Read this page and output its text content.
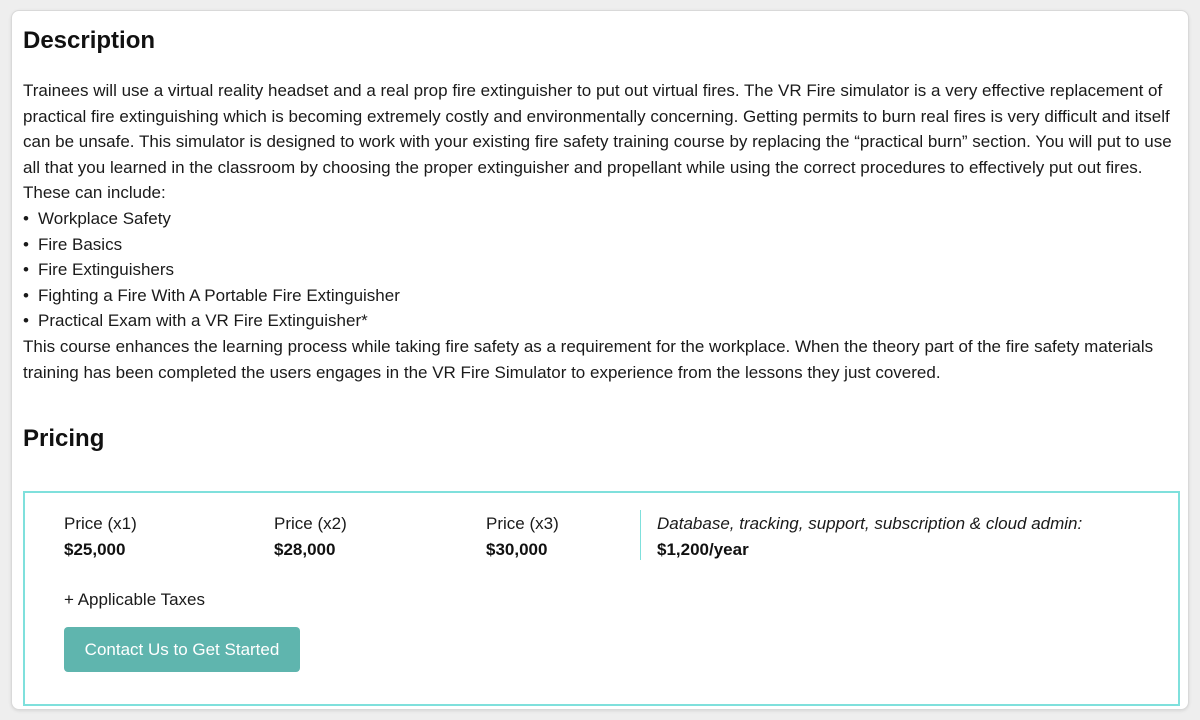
Description

Trainees will use a virtual reality headset and a real prop fire extinguisher to put out virtual fires. The VR Fire simulator is a very effective replacement of practical fire extinguishing which is becoming extremely costly and environmentally concerning. Getting permits to burn real fires is very difficult and itself can be unsafe. This simulator is designed to work with your existing fire safety training course by replacing the “practical burn” section. You will put to use all that you learned in the classroom by choosing the proper extinguisher and propellant while using the correct procedures to effectively put out fires. These can include:

• Workplace Safety
• Fire Basics
• Fire Extinguishers
• Fighting a Fire With A Portable Fire Extinguisher
• Practical Exam with a VR Fire Extinguisher*

This course enhances the learning process while taking fire safety as a requirement for the workplace. When the theory part of the fire safety materials training has been completed the users engages in the VR Fire Simulator to experience from the lessons they just covered.

Pricing
Price (x1)
$25,000
Price (x2)
$28,000
Price (x3)
$30,000
Database, tracking, support, subscription & cloud admin:
$1,200/year
+ Applicable Taxes
Contact Us to Get Started
